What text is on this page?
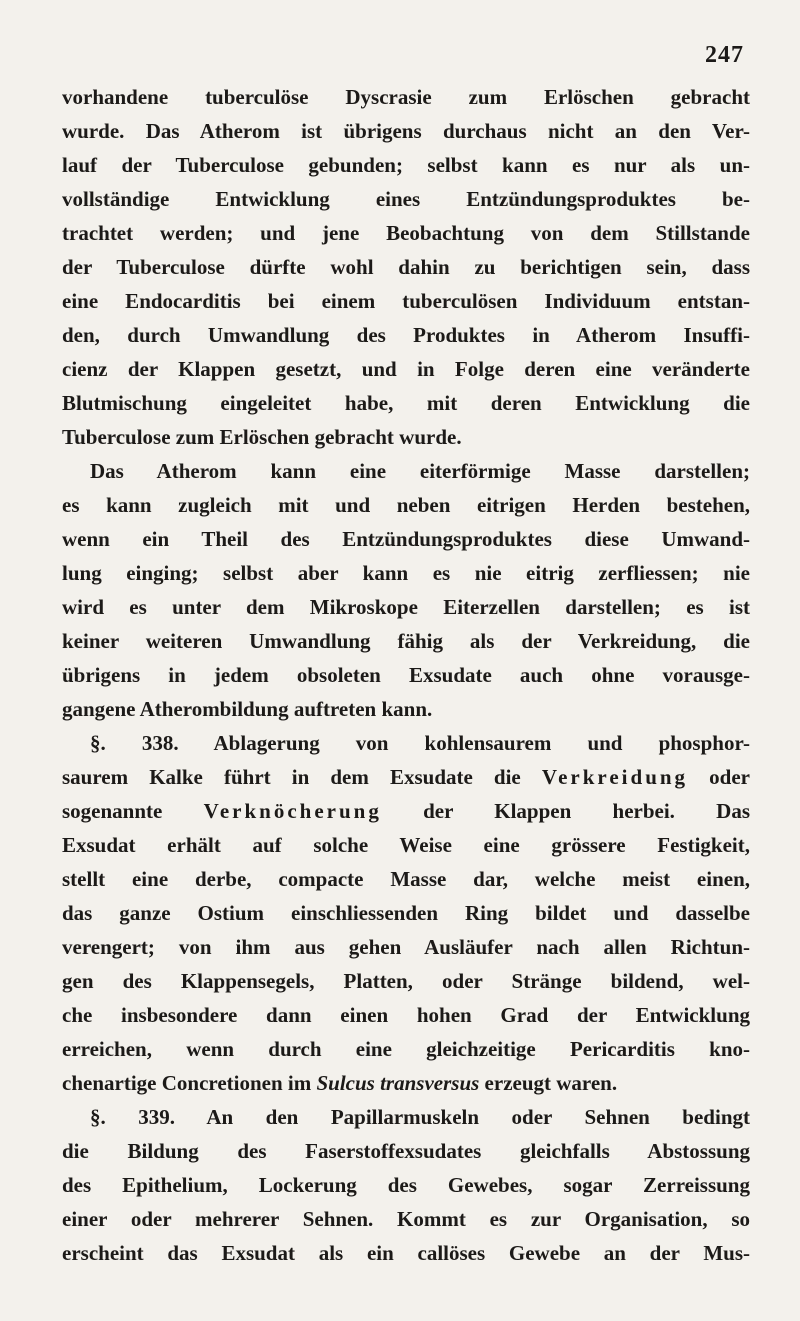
247
vorhandene tuberculöse Dyscrasie zum Erlöschen gebracht
wurde. Das Atherom ist übrigens durchaus nicht an den Ver-
lauf der Tuberculose gebunden; selbst kann es nur als un-
vollständige Entwicklung eines Entzündungsproduktes be-
trachtet werden; und jene Beobachtung von dem Stillstande
der Tuberculose dürfte wohl dahin zu berichtigen sein, dass
eine Endocarditis bei einem tuberculösen Individuum entstan-
den, durch Umwandlung des Produktes in Atherom Insuffi-
cienz der Klappen gesetzt, und in Folge deren eine veränderte
Blutmischung eingeleitet habe, mit deren Entwicklung die
Tuberculose zum Erlöschen gebracht wurde.
Das Atherom kann eine eiterförmige Masse darstellen;
es kann zugleich mit und neben eitrigen Herden bestehen,
wenn ein Theil des Entzündungsproduktes diese Umwand-
lung einging; selbst aber kann es nie eitrig zerfliessen; nie
wird es unter dem Mikroskope Eiterzellen darstellen; es ist
keiner weiteren Umwandlung fähig als der Verkreidung, die
übrigens in jedem obsoleten Exsudate auch ohne vorausge-
gangene Atherombildung auftreten kann.
§. 338. Ablagerung von kohlensaurem und phosphor-
saurem Kalke führt in dem Exsudate die Verkreidung oder
sogenannte Verknöcherung der Klappen herbei. Das
Exsudat erhält auf solche Weise eine grössere Festigkeit,
stellt eine derbe, compacte Masse dar, welche meist einen,
das ganze Ostium einschliessenden Ring bildet und dasselbe
verengert; von ihm aus gehen Ausläufer nach allen Richtun-
gen des Klappensegels, Platten, oder Stränge bildend, wel-
che insbesondere dann einen hohen Grad der Entwicklung
erreichen, wenn durch eine gleichzeitige Pericarditis kno-
chenartige Concretionen im Sulcus transversus erzeugt waren.
§. 339. An den Papillarmuskeln oder Sehnen bedingt
die Bildung des Faserstoffexsudates gleichfalls Abstossung
des Epithelium, Lockerung des Gewebes, sogar Zerreissung
einer oder mehrerer Sehnen. Kommt es zur Organisation, so
erscheint das Exsudat als ein callöses Gewebe an der Mus-
